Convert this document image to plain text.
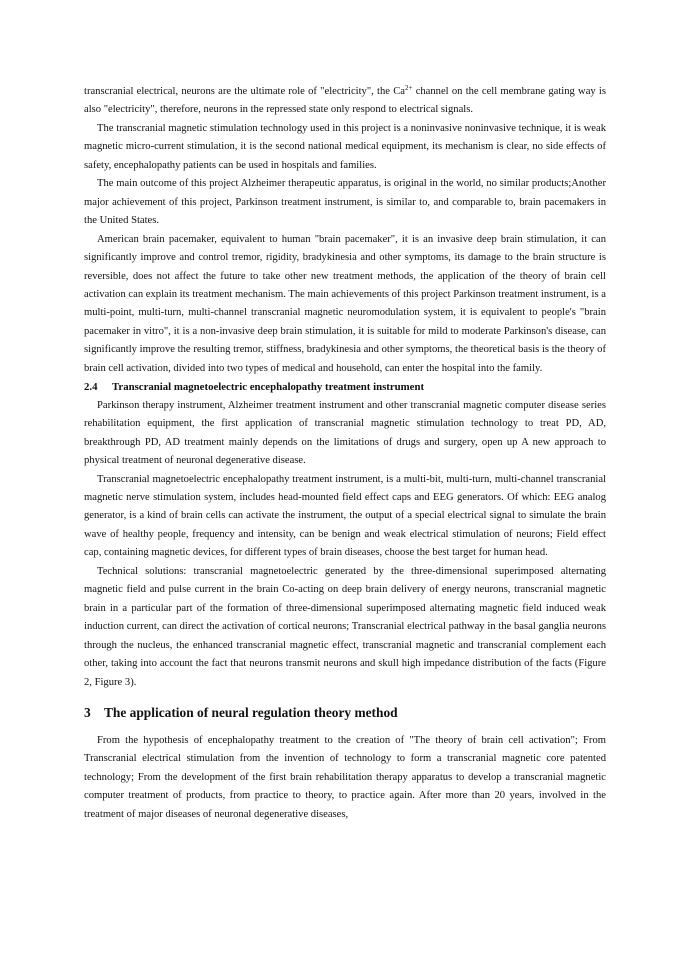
transcranial electrical, neurons are the ultimate role of "electricity", the $Ca^{2+}$ channel on the cell membrane gating way is also "electricity", therefore, neurons in the repressed state only respond to electrical signals.

The transcranial magnetic stimulation technology used in this project is a noninvasive noninvasive technique, it is weak magnetic micro-current stimulation, it is the second national medical equipment, its mechanism is clear, no side effects of safety, encephalopathy patients can be used in hospitals and families.

The main outcome of this project Alzheimer therapeutic apparatus, is original in the world, no similar products;Another major achievement of this project, Parkinson treatment instrument, is similar to, and comparable to, brain pacemakers in the United States.

American brain pacemaker, equivalent to human "brain pacemaker", it is an invasive deep brain stimulation, it can significantly improve and control tremor, rigidity, bradykinesia and other symptoms, its damage to the brain structure is reversible, does not affect the future to take other new treatment methods, the application of the theory of brain cell activation can explain its treatment mechanism. The main achievements of this project Parkinson treatment instrument, is a multi-point, multi-turn, multi-channel transcranial magnetic neuromodulation system, it is equivalent to people's "brain pacemaker in vitro", it is a non-invasive deep brain stimulation, it is suitable for mild to moderate Parkinson's disease, can significantly improve the resulting tremor, stiffness, bradykinesia and other symptoms, the theoretical basis is the theory of brain cell activation, divided into two types of medical and household, can enter the hospital into the family.

2.4 Transcranial magnetoelectric encephalopathy treatment instrument

Parkinson therapy instrument, Alzheimer treatment instrument and other transcranial magnetic computer disease series rehabilitation equipment, the first application of transcranial magnetic stimulation technology to treat PD, AD, breakthrough PD, AD treatment mainly depends on the limitations of drugs and surgery, open up A new approach to physical treatment of neuronal degenerative disease.

Transcranial magnetoelectric encephalopathy treatment instrument, is a multi-bit, multi-turn, multi-channel transcranial magnetic nerve stimulation system, includes head-mounted field effect caps and EEG generators. Of which: EEG analog generator, is a kind of brain cells can activate the instrument, the output of a special electrical signal to simulate the brain wave of healthy people, frequency and intensity, can be benign and weak electrical stimulation of neurons; Field effect cap, containing magnetic devices, for different types of brain diseases, choose the best target for human head.

Technical solutions: transcranial magnetoelectric generated by the three-dimensional superimposed alternating magnetic field and pulse current in the brain Co-acting on deep brain delivery of energy neurons, transcranial magnetic brain in a particular part of the formation of three-dimensional superimposed alternating magnetic field induced weak induction current, can direct the activation of cortical neurons; Transcranial electrical pathway in the basal ganglia neurons through the nucleus, the enhanced transcranial magnetic effect, transcranial magnetic and transcranial complement each other, taking into account the fact that neurons transmit neurons and skull high impedance distribution of the facts (Figure 2, Figure 3).

3 The application of neural regulation theory method

From the hypothesis of encephalopathy treatment to the creation of "The theory of brain cell activation"; From Transcranial electrical stimulation from the invention of technology to form a transcranial magnetic core patented technology; From the development of the first brain rehabilitation therapy apparatus to develop a transcranial magnetic computer treatment of products, from practice to theory, to practice again. After more than 20 years, involved in the treatment of major diseases of neuronal degenerative diseases,
